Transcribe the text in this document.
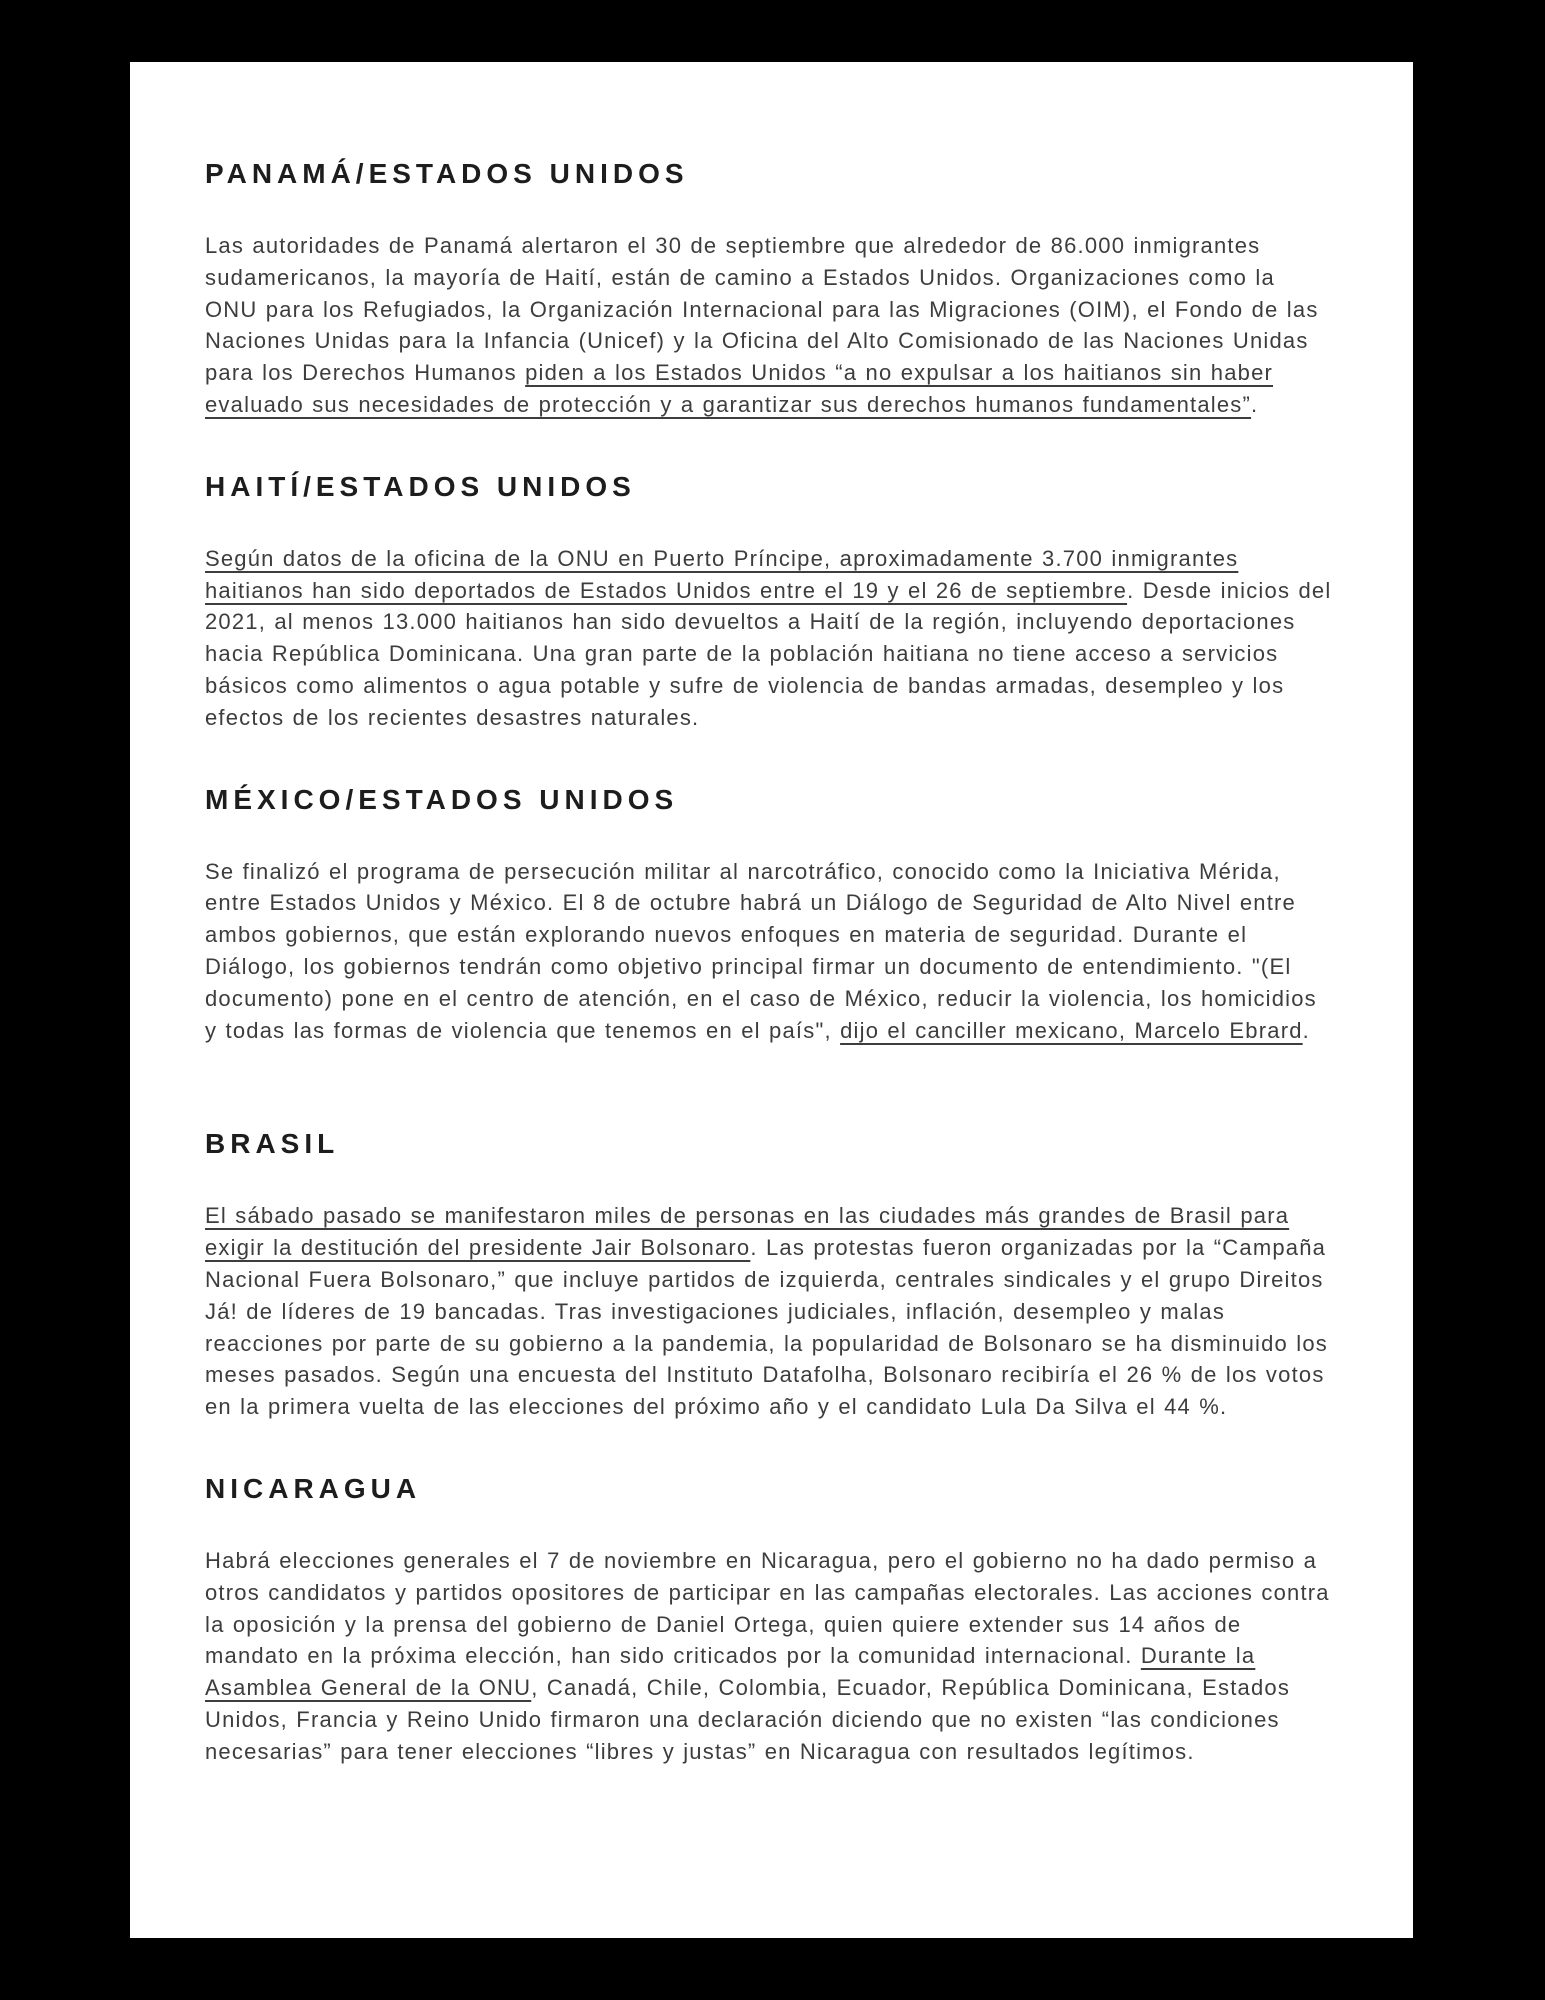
PANAMÁ/ESTADOS UNIDOS

Las autoridades de Panamá alertaron el 30 de septiembre que alrededor de 86.000 inmigrantes sudamericanos, la mayoría de Haití, están de camino a Estados Unidos. Organizaciones como la ONU para los Refugiados, la Organización Internacional para las Migraciones (OIM), el Fondo de las Naciones Unidas para la Infancia (Unicef) y la Oficina del Alto Comisionado de las Naciones Unidas para los Derechos Humanos piden a los Estados Unidos “a no expulsar a los haitianos sin haber evaluado sus necesidades de protección y a garantizar sus derechos humanos fundamentales”.

HAITÍ/ESTADOS UNIDOS

Según datos de la oficina de la ONU en Puerto Príncipe, aproximadamente 3.700 inmigrantes haitianos han sido deportados de Estados Unidos entre el 19 y el 26 de septiembre. Desde inicios del 2021, al menos 13.000 haitianos han sido devueltos a Haití de la región, incluyendo deportaciones hacia República Dominicana. Una gran parte de la población haitiana no tiene acceso a servicios básicos como alimentos o agua potable y sufre de violencia de bandas armadas, desempleo y los efectos de los recientes desastres naturales.

MÉXICO/ESTADOS UNIDOS

Se finalizó el programa de persecución militar al narcotráfico, conocido como la Iniciativa Mérida, entre Estados Unidos y México. El 8 de octubre habrá un Diálogo de Seguridad de Alto Nivel entre ambos gobiernos, que están explorando nuevos enfoques en materia de seguridad. Durante el Diálogo, los gobiernos tendrán como objetivo principal firmar un documento de entendimiento. "(El documento) pone en el centro de atención, en el caso de México, reducir la violencia, los homicidios y todas las formas de violencia que tenemos en el país", dijo el canciller mexicano, Marcelo Ebrard.

BRASIL

El sábado pasado se manifestaron miles de personas en las ciudades más grandes de Brasil para exigir la destitución del presidente Jair Bolsonaro. Las protestas fueron organizadas por la “Campaña Nacional Fuera Bolsonaro,” que incluye partidos de izquierda, centrales sindicales y el grupo Direitos Já! de líderes de 19 bancadas. Tras investigaciones judiciales, inflación, desempleo y malas reacciones por parte de su gobierno a la pandemia, la popularidad de Bolsonaro se ha disminuido los meses pasados. Según una encuesta del Instituto Datafolha, Bolsonaro recibiría el 26 % de los votos en la primera vuelta de las elecciones del próximo año y el candidato Lula Da Silva el 44 %.

NICARAGUA

Habrá elecciones generales el 7 de noviembre en Nicaragua, pero el gobierno no ha dado permiso a otros candidatos y partidos opositores de participar en las campañas electorales. Las acciones contra la oposición y la prensa del gobierno de Daniel Ortega, quien quiere extender sus 14 años de mandato en la próxima elección, han sido criticados por la comunidad internacional. Durante la Asamblea General de la ONU, Canadá, Chile, Colombia, Ecuador, República Dominicana, Estados Unidos, Francia y Reino Unido firmaron una declaración diciendo que no existen “las condiciones necesarias” para tener elecciones “libres y justas” en Nicaragua con resultados legítimos.
